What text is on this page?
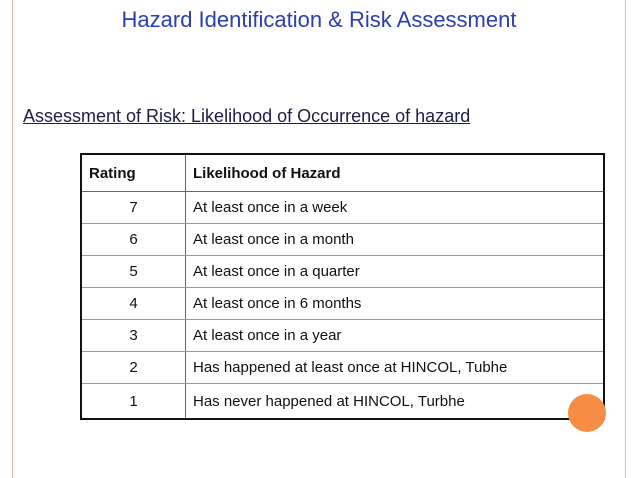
Hazard Identification & Risk Assessment
Assessment of Risk: Likelihood of Occurrence of hazard
Rating	Likelihood of Hazard
7	At least once in a week
6	At least once in a month
5	At least once in a quarter
4	At least once in 6 months
3	At least once in a year
2	Has happened at least once at HINCOL, Tubhe
1	Has never happened at HINCOL, Turbhe
